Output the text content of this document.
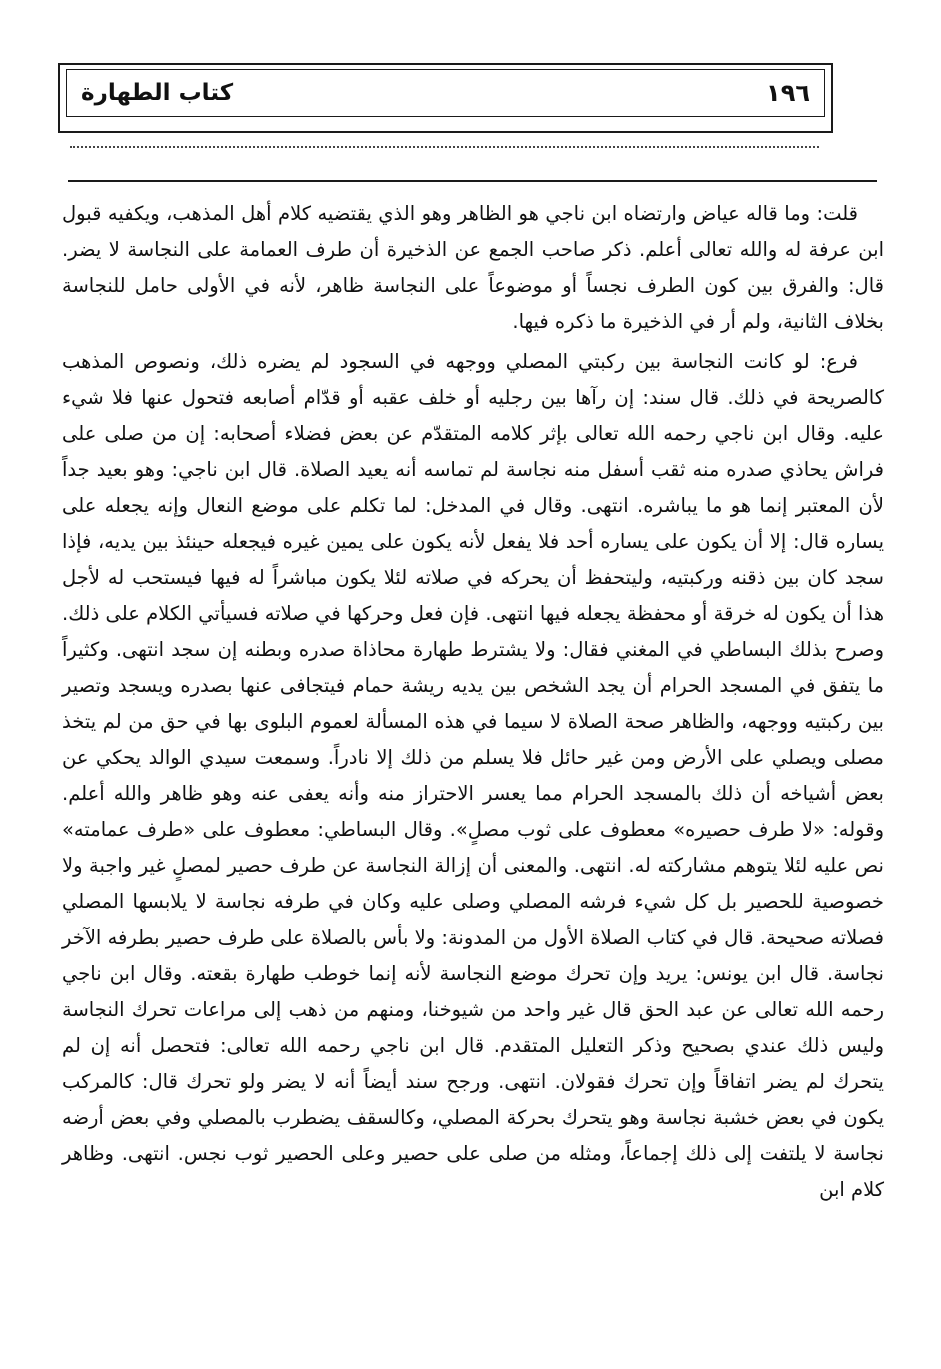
كتاب الطهارة	١٩٦

قلت: وما قاله عياض وارتضاه ابن ناجي هو الظاهر وهو الذي يقتضيه كلام أهل المذهب، ويكفيه قبول ابن عرفة له والله تعالى أعلم. ذكر صاحب الجمع عن الذخيرة أن طرف العمامة على النجاسة لا يضر. قال: والفرق بين كون الطرف نجساً أو موضوعاً على النجاسة ظاهر، لأنه في الأولى حامل للنجاسة بخلاف الثانية، ولم أر في الذخيرة ما ذكره فيها.

فرع: لو كانت النجاسة بين ركبتي المصلي ووجهه في السجود لم يضره ذلك، ونصوص المذهب كالصريحة في ذلك. قال سند: إن رآها بين رجليه أو خلف عقبه أو قدّام أصابعه فتحول عنها فلا شيء عليه. وقال ابن ناجي رحمه الله تعالى بإثر كلامه المتقدّم عن بعض فضلاء أصحابه: إن من صلى على فراش يحاذي صدره منه ثقب أسفل منه نجاسة لم تماسه أنه يعيد الصلاة. قال ابن ناجي: وهو بعيد جداً لأن المعتبر إنما هو ما يباشره. انتهى. وقال في المدخل: لما تكلم على موضع النعال وإنه يجعله على يساره قال: إلا أن يكون على يساره أحد فلا يفعل لأنه يكون على يمين غيره فيجعله حينئذ بين يديه، فإذا سجد كان بين ذقنه وركبتيه، وليتحفظ أن يحركه في صلاته لئلا يكون مباشراً له فيها فيستحب له لأجل هذا أن يكون له خرقة أو محفظة يجعله فيها انتهى. فإن فعل وحركها في صلاته فسيأتي الكلام على ذلك. وصرح بذلك البساطي في المغني فقال: ولا يشترط طهارة محاذاة صدره وبطنه إن سجد انتهى. وكثيراً ما يتفق في المسجد الحرام أن يجد الشخص بين يديه ريشة حمام فيتجافى عنها بصدره ويسجد وتصير بين ركبتيه ووجهه، والظاهر صحة الصلاة لا سيما في هذه المسألة لعموم البلوى بها في حق من لم يتخذ مصلى ويصلي على الأرض ومن غير حائل فلا يسلم من ذلك إلا نادراً. وسمعت سيدي الوالد يحكي عن بعض أشياخه أن ذلك بالمسجد الحرام مما يعسر الاحتراز منه وأنه يعفى عنه وهو ظاهر والله أعلم. وقوله: «لا طرف حصيره» معطوف على ثوب مصلٍ». وقال البساطي: معطوف على «طرف عمامته» نص عليه لئلا يتوهم مشاركته له. انتهى. والمعنى أن إزالة النجاسة عن طرف حصير لمصلٍ غير واجبة ولا خصوصية للحصير بل كل شيء فرشه المصلي وصلى عليه وكان في طرفه نجاسة لا يلابسها المصلي فصلاته صحيحة. قال في كتاب الصلاة الأول من المدونة: ولا بأس بالصلاة على طرف حصير بطرفه الآخر نجاسة. قال ابن يونس: يريد وإن تحرك موضع النجاسة لأنه إنما خوطب طهارة بقعته. وقال ابن ناجي رحمه الله تعالى عن عبد الحق قال غير واحد من شيوخنا، ومنهم من ذهب إلى مراعات تحرك النجاسة وليس ذلك عندي بصحيح وذكر التعليل المتقدم. قال ابن ناجي رحمه الله تعالى: فتحصل أنه إن لم يتحرك لم يضر اتفاقاً وإن تحرك فقولان. انتهى. ورجح سند أيضاً أنه لا يضر ولو تحرك قال: كالمركب يكون في بعض خشبة نجاسة وهو يتحرك بحركة المصلي، وكالسقف يضطرب بالمصلي وفي بعض أرضه نجاسة لا يلتفت إلى ذلك إجماعاً، ومثله من صلى على حصير وعلى الحصير ثوب نجس. انتهى. وظاهر كلام ابن
